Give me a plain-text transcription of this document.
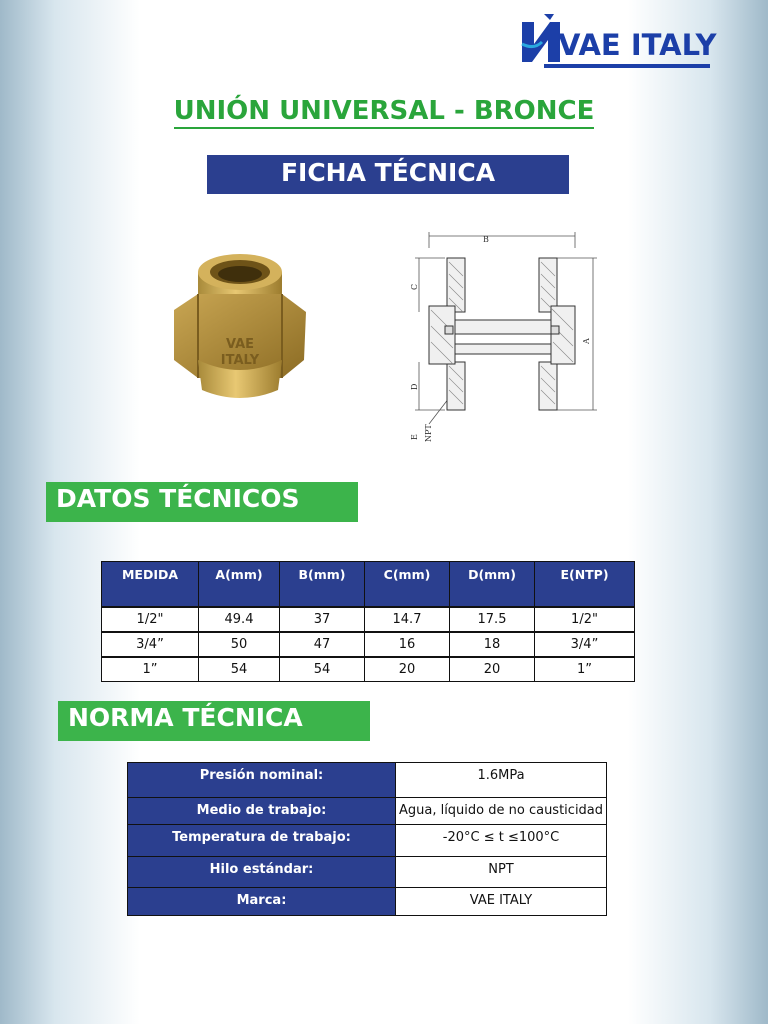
VAE ITALY
UNIÓN UNIVERSAL - BRONCE
FICHA TÉCNICA
VAE
ITALY
B
A
C
D
E NPT
DATOS TÉCNICOS
MEDIDA	A(mm)	B(mm)	C(mm)	D(mm)	E(NTP)
1/2"	49.4	37	14.7	17.5	1/2"
3/4”	50	47	16	18	3/4”
1”	54	54	20	20	1”
NORMA TÉCNICA
Presión nominal:	1.6MPa
Medio de trabajo:	Agua, líquido de no causticidad
Temperatura de trabajo:	-20°C ≤ t ≤100°C
Hilo estándar:	NPT
Marca:	VAE ITALY
